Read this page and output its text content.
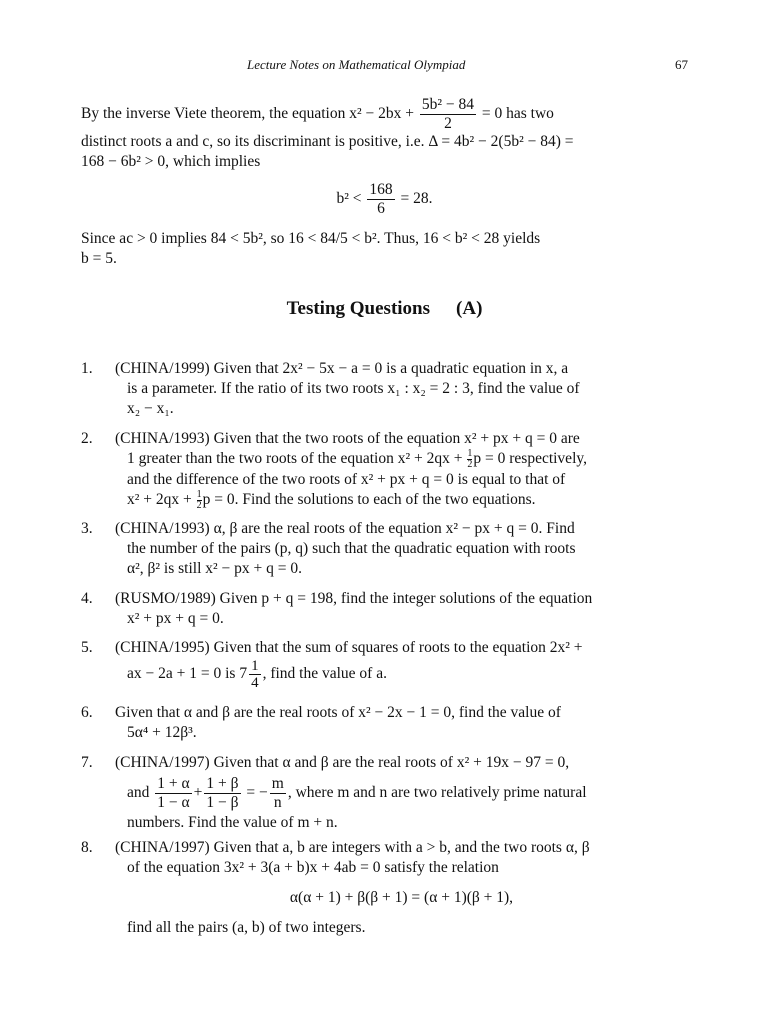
Lecture Notes on Mathematical Olympiad	67
By the inverse Viete theorem, the equation $x^2 - 2bx + \frac{\text{5b² − 84}}{2} = 0$ has two
distinct roots a and c, so its discriminant is positive, i.e. Δ = 4b² − 2(5b² − 84) =
168 − 6b² > 0, which implies
$b^2 < \frac{168}{6} = 28$.
Since ac > 0 implies 84 < 5b², so 16 < 84/5 < b². Thus, 16 < b² < 28 yields
b = 5.
Testing Questions (A)
1. (CHINA/1999) Given that 2x² − 5x − a = 0 is a quadratic equation in x, a
is a parameter. If the ratio of its two roots x₁ : x₂ = 2 : 3, find the value of
x₂ − x₁.
2. (CHINA/1993) Given that the two roots of the equation x² + px + q = 0 are
1 greater than the two roots of the equation $x^2 + 2qx + \frac{1}{2}$ p = 0 respectively,
and the difference of the two roots of x² + px + q = 0 is equal to that of
$x^2 + 2qx + \frac{1}{2}$ p = 0. Find the solutions to each of the two equations.
3. (CHINA/1993) α, β are the real roots of the equation x² − px + q = 0. Find
the number of the pairs (p, q) such that the quadratic equation with roots
α², β² is still x² − px + q = 0.
4. (RUSMO/1989) Given p + q = 198, find the integer solutions of the equation
x² + px + q = 0.
5. (CHINA/1995) Given that the sum of squares of roots to the equation 2x² +
ax − 2a + 1 = 0 is $7 \frac{1}{4}$ , find the value of a.
6. Given that α and β are the real roots of x² − 2x − 1 = 0, find the value of
5α⁴ + 12β³.
7. (CHINA/1997) Given that α and β are the real roots of x² + 19x − 97 = 0,
and $\frac{1 + \alpha}{1 - \alpha} + \frac{1 + \beta}{1 - \beta}$ = − $\frac{m}{n}$ , where m and n are two relatively prime natural
numbers. Find the value of m + n.
8. (CHINA/1997) Given that a, b are integers with a > b, and the two roots α, β
of the equation 3x² + 3(a + b)x + 4ab = 0 satisfy the relation
α(α + 1) + β(β + 1) = (α + 1)(β + 1),
find all the pairs (a, b) of two integers.
